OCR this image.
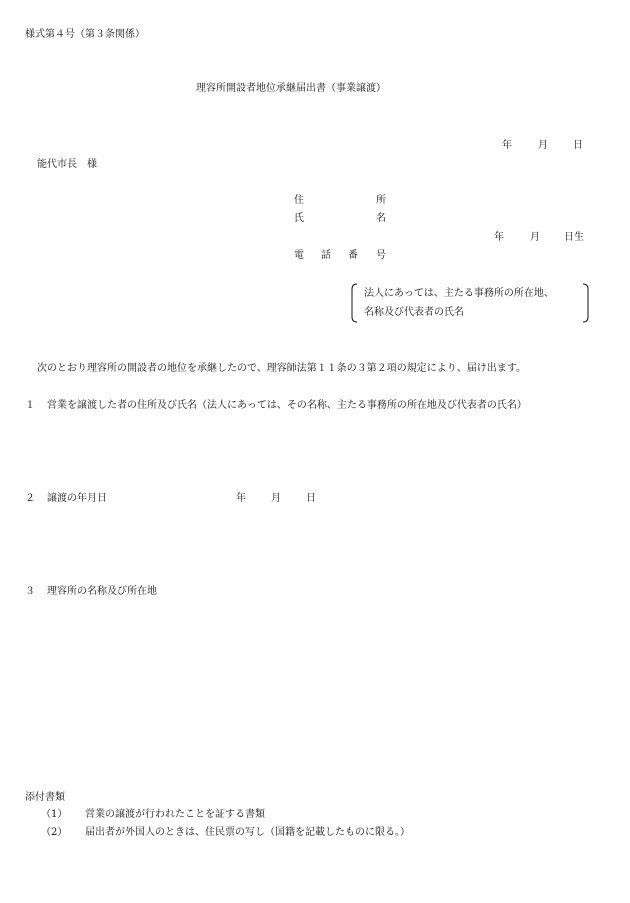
様式第４号（第３条関係）
理容所開設者地位承継届出書（事業譲渡）
年	月	日
能代市長　様
住	所
氏	名
年	月 日生
電 話 番 号
法人にあっては、主たる事務所の所在地、
名称及び代表者の氏名
次のとおり理容所の開設者の地位を承継したので、理容師法第１１条の３第２項の規定により、届け出ます。
１ 営業を譲渡した者の住所及び氏名（法人にあっては、その名称、主たる事務所の所在地及び代表者の氏名）
２ 譲渡の年月日	年	月	日
３ 理容所の名称及び所在地
添付書類
（1） 営業の譲渡が行われたことを証する書類
（2） 届出者が外国人のときは、住民票の写し（国籍を記載したものに限る。）
